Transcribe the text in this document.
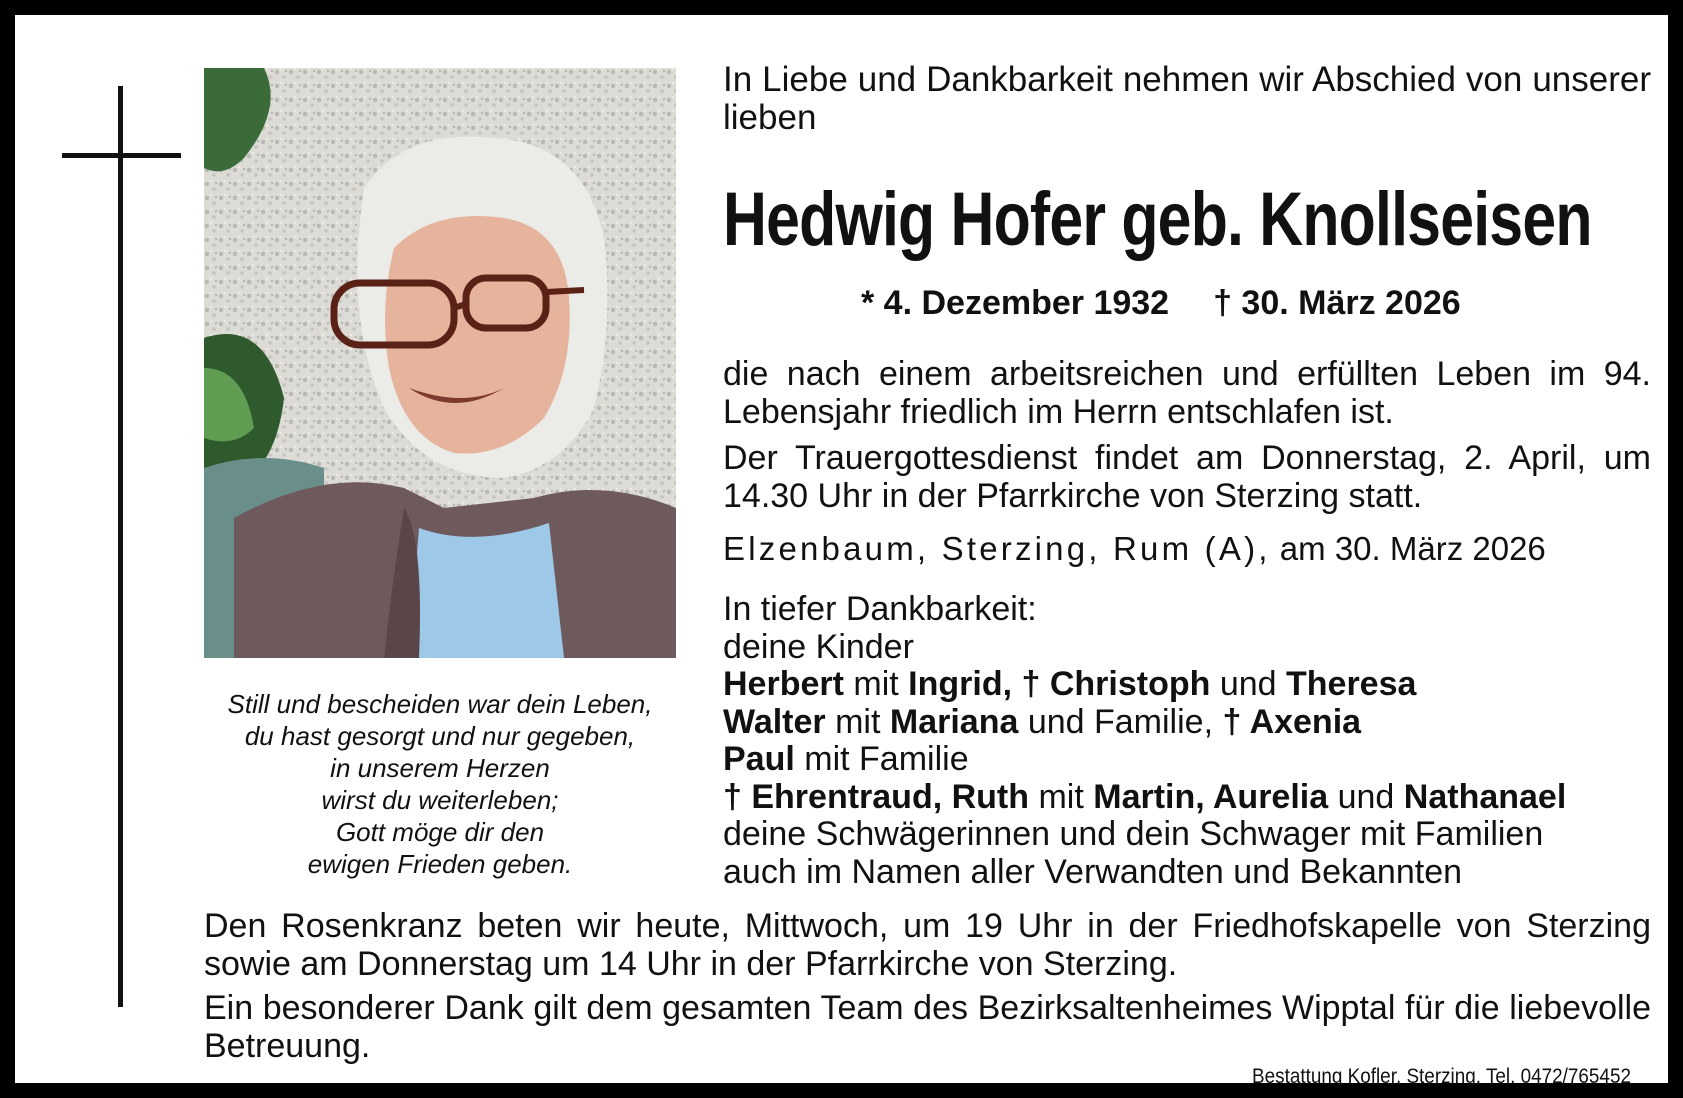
Still und bescheiden war dein Leben,
du hast gesorgt und nur gegeben,
in unserem Herzen
wirst du weiterleben;
Gott möge dir den
ewigen Frieden geben.
In Liebe und Dankbarkeit nehmen wir Abschied von unserer lieben
Hedwig Hofer geb. Knollseisen
* 4. Dezember 1932 † 30. März 2026
die nach einem arbeitsreichen und erfüllten Leben im 94. Lebensjahr friedlich im Herrn entschlafen ist.
Der Trauergottesdienst findet am Donnerstag, 2. April, um 14.30 Uhr in der Pfarrkirche von Sterzing statt.
Elzenbaum, Sterzing, Rum (A), am 30. März 2026
In tiefer Dankbarkeit:
deine Kinder
Herbert mit Ingrid, † Christoph und Theresa
Walter mit Mariana und Familie, † Axenia
Paul mit Familie
† Ehrentraud, Ruth mit Martin, Aurelia und Nathanael
deine Schwägerinnen und dein Schwager mit Familien
auch im Namen aller Verwandten und Bekannten
Den Rosenkranz beten wir heute, Mittwoch, um 19 Uhr in der Friedhofskapelle von Sterzing sowie am Donnerstag um 14 Uhr in der Pfarrkirche von Sterzing.
Ein besonderer Dank gilt dem gesamten Team des Bezirksaltenheimes Wipptal für die liebevolle Betreuung.
Bestattung Kofler, Sterzing, Tel. 0472/765452
